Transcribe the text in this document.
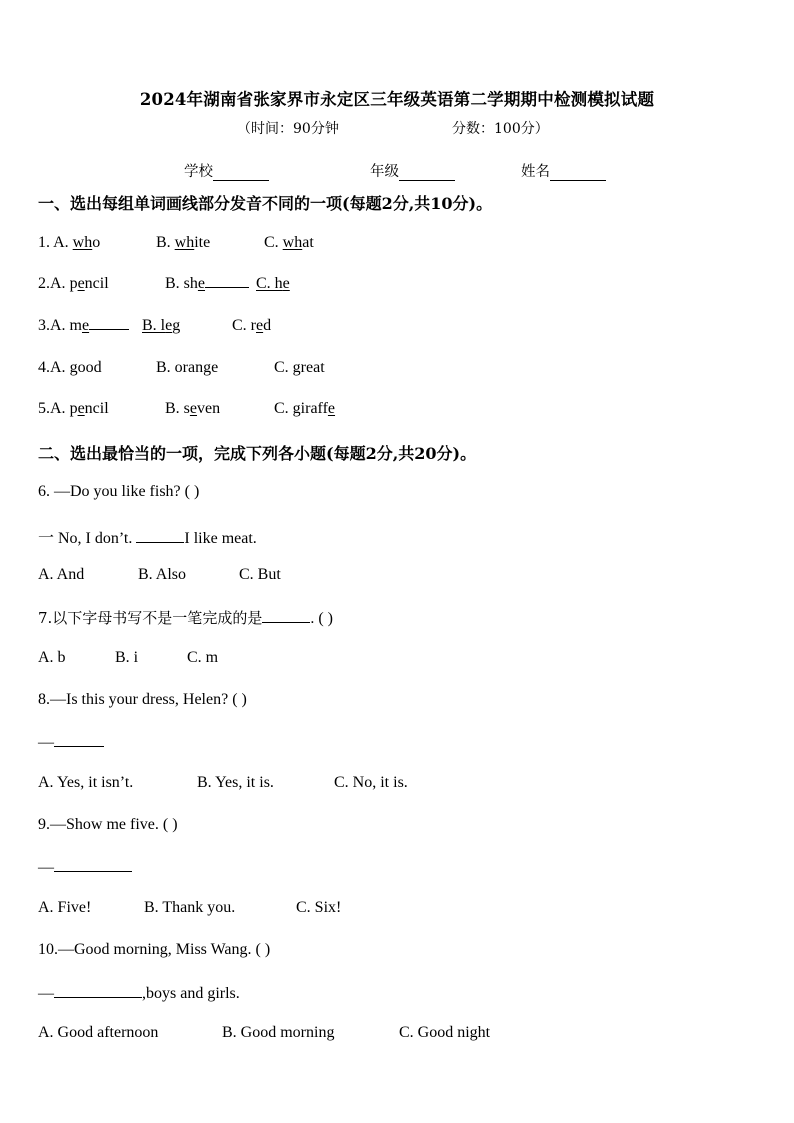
2024年湖南省张家界市永定区三年级英语第二学期期中检测模拟试题
（时间：90分钟	分数：100分）
学校	年级	姓名
一、选出每组单词画线部分发音不同的一项(每题2分,共10分)。
1. A. who	B. white	C. what
2.A. pencil	B. she	C. he
3.A. me	B. leg	C. red
4.A. good	B. orange	C. great
5.A. pencil	B. seven	C. giraffe
二、选出最恰当的一项，完成下列各小题(每题2分,共20分)。
6. —Do you like fish? ( )
一 No, I don’t.	I like meat.
A. And	B. Also	C. But
7.以下字母书写不是一笔完成的是	. ( )
A. b	B. i	C. m
8.—Is this your dress, Helen? ( )
—
A. Yes, it isn’t.	B. Yes, it is.	C. No, it is.
9.—Show me five. ( )
—
A. Five!	B. Thank you.	C. Six!
10.—Good morning, Miss Wang. ( )
—	,boys and girls.
A. Good afternoon	B. Good morning	C. Good night
